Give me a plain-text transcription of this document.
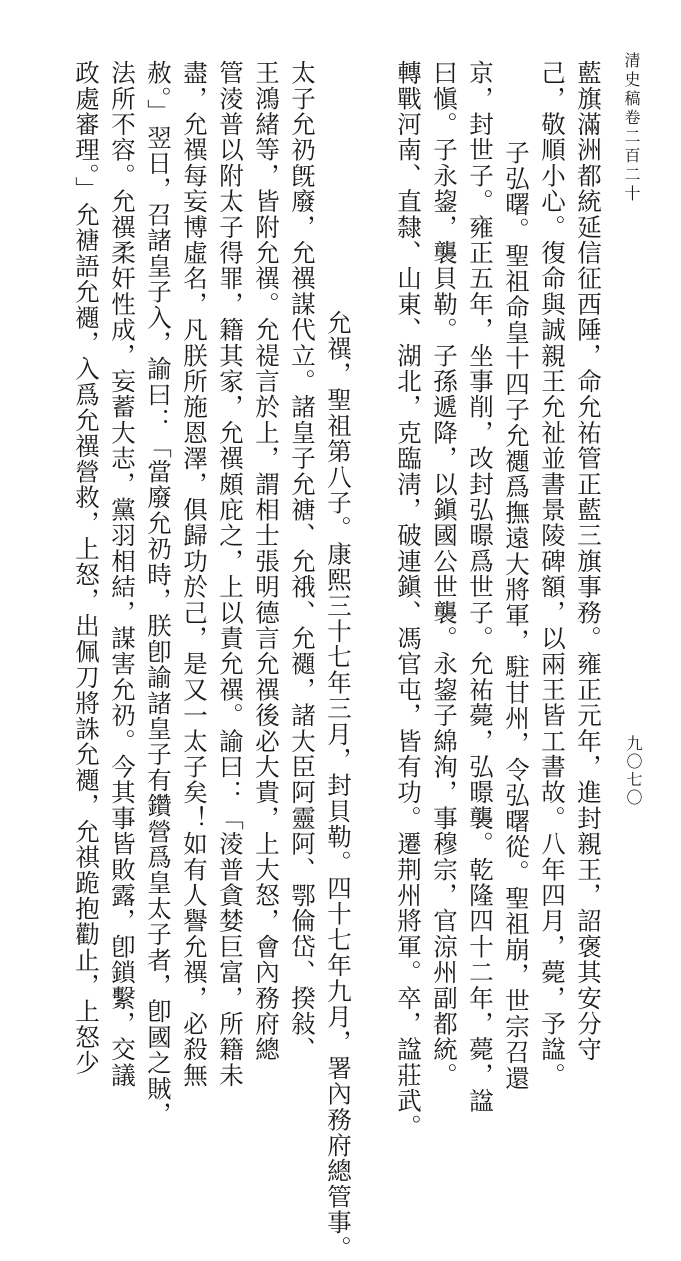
清史稿卷二百二十
九〇七〇
藍旗滿洲都統延信征西陲，命允祐管正藍三旗事務。雍正元年，進封親王，詔褒其安分守
己，敬順小心。復命與誠親王允祉並書景陵碑額，以兩王皆工書故。八年四月，薨，予諡。
子弘曙。聖祖命皇十四子允禵爲撫遠大將軍，駐甘州，令弘曙從。聖祖崩，世宗召還
京，封世子。雍正五年，坐事削，改封弘暻爲世子。允祐薨，弘暻襲。乾隆四十二年，薨，諡
曰愼。子永鋆，襲貝勒。子孫遞降，以鎭國公世襲。永鋆子綿洵，事穆宗，官涼州副都統。
轉戰河南、直隸、山東、湖北，克臨淸，破連鎭、馮官屯，皆有功。遷荆州將軍。卒，諡莊武。
允禩，聖祖第八子。康熙三十七年三月，封貝勒。四十七年九月，署內務府總管事。
太子允礽旣廢，允禩謀代立。諸皇子允禟、允䄉、允禵，諸大臣阿靈阿、鄂倫岱、揆敍、
王鴻緒等，皆附允禩。允禔言於上，謂相士張明德言允禩後必大貴，上大怒，會內務府總
管淩普以附太子得罪，籍其家，允禩頗庇之，上以責允禩。諭曰：「淩普貪婪巨富，所籍未
盡，允禩每妄博虛名，凡朕所施恩澤，俱歸功於己，是又一太子矣！如有人譽允禩，必殺無
赦。」翌日，召諸皇子入，諭曰：「當廢允礽時，朕卽諭諸皇子有鑽營爲皇太子者，卽國之賊，
法所不容。允禩柔奸性成，妄蓄大志，黨羽相結，謀害允礽。今其事皆敗露，卽鎖繫，交議
政處審理。」允禟語允禵，入爲允禩營救，上怒，出佩刀將誅允禵，允祺跪抱勸止，上怒少
